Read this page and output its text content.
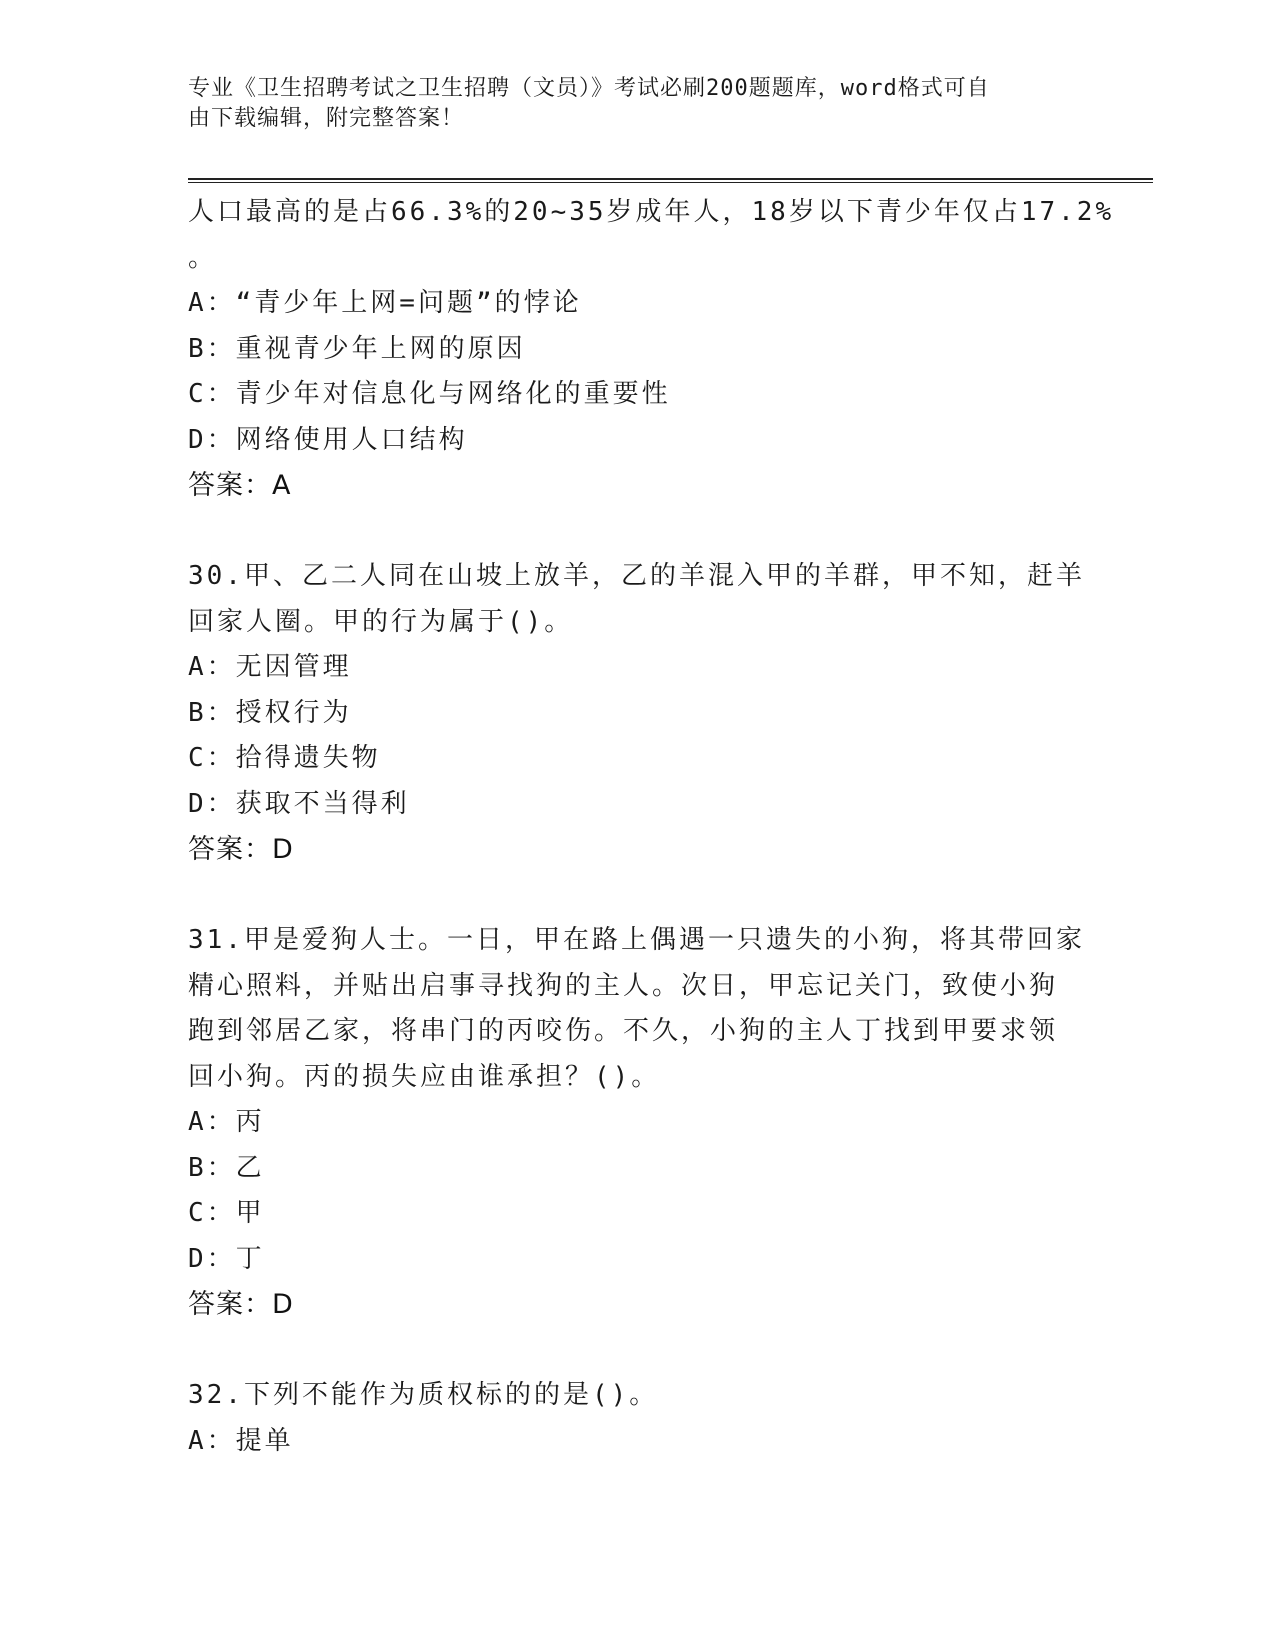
专业《卫生招聘考试之卫生招聘（文员）》考试必刷200题题库，word格式可自
由下载编辑，附完整答案！
人口最高的是占66.3%的20~35岁成年人，18岁以下青少年仅占17.2%
。
A：“青少年上网=问题”的悖论
B：重视青少年上网的原因
C：青少年对信息化与网络化的重要性
D：网络使用人口结构
答案：A
30.甲、乙二人同在山坡上放羊，乙的羊混入甲的羊群，甲不知，赶羊
回家人圈。甲的行为属于()。
A：无因管理
B：授权行为
C：拾得遗失物
D：获取不当得利
答案：D
31.甲是爱狗人士。一日，甲在路上偶遇一只遗失的小狗，将其带回家
精心照料，并贴出启事寻找狗的主人。次日，甲忘记关门，致使小狗
跑到邻居乙家，将串门的丙咬伤。不久，小狗的主人丁找到甲要求领
回小狗。丙的损失应由谁承担？()。
A：丙
B：乙
C：甲
D：丁
答案：D
32.下列不能作为质权标的的是()。
A：提单
